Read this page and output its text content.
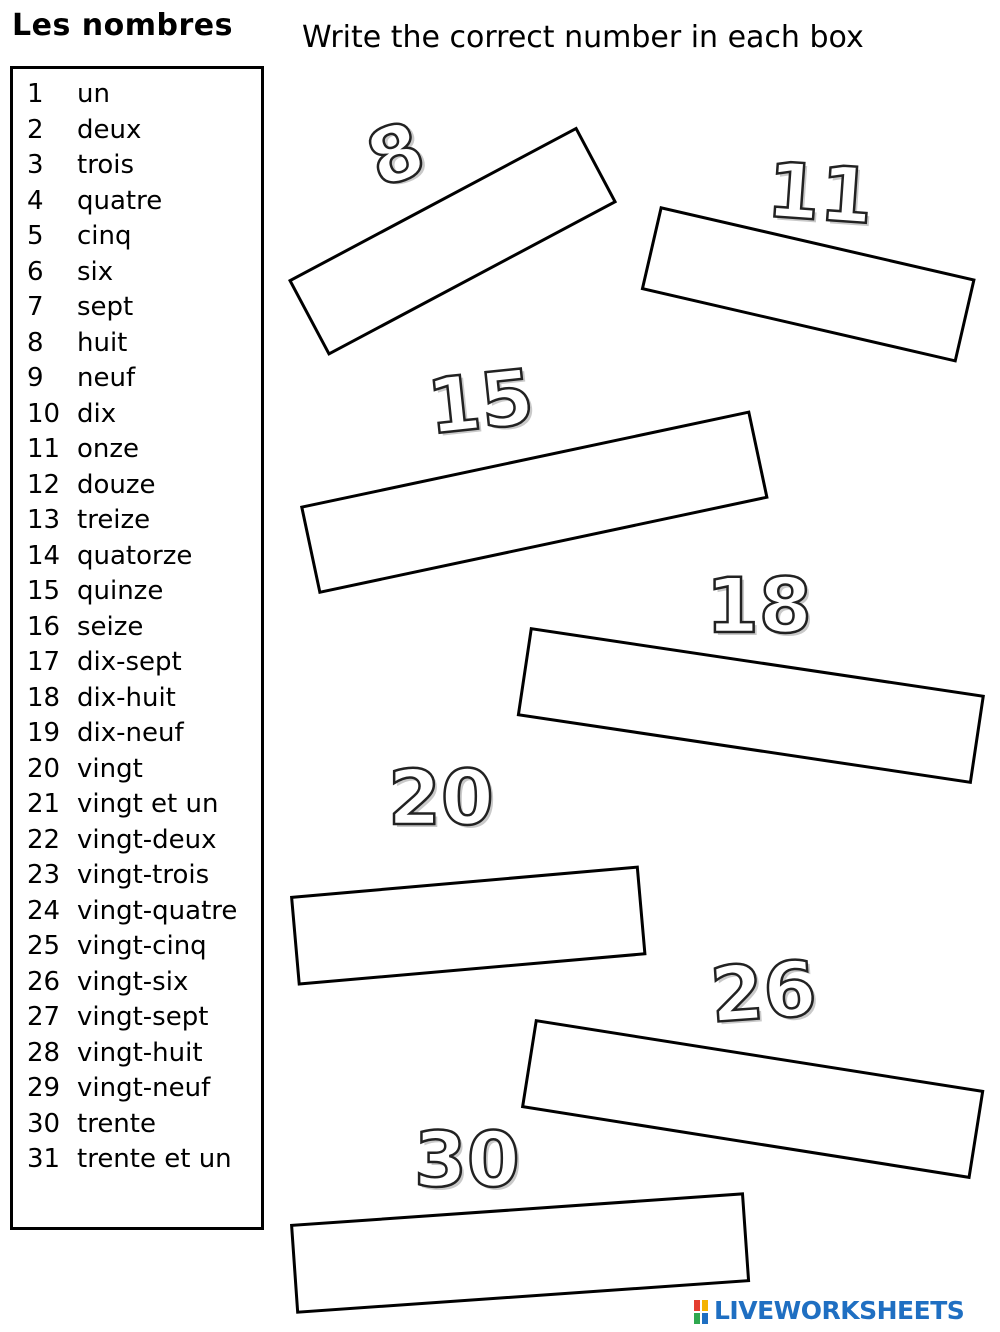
Les nombres Write the correct number in each box
1 un
2 deux
3 trois
4 quatre
5 cinq
6 six
7 sept
8 huit
9 neuf
10 dix
11 onze
12 douze
13 treize
14 quatorze
15 quinze
16 seize
17 dix-sept
18 dix-huit
19 dix-neuf
20 vingt
21 vingt et un
22 vingt-deux
23 vingt-trois
24 vingt-quatre
25 vingt-cinq
26 vingt-six
27 vingt-sept
28 vingt-huit
29 vingt-neuf
30 trente
31 trente et un
8	11
15
18
20
26
30
LIVEWORKSHEETS
